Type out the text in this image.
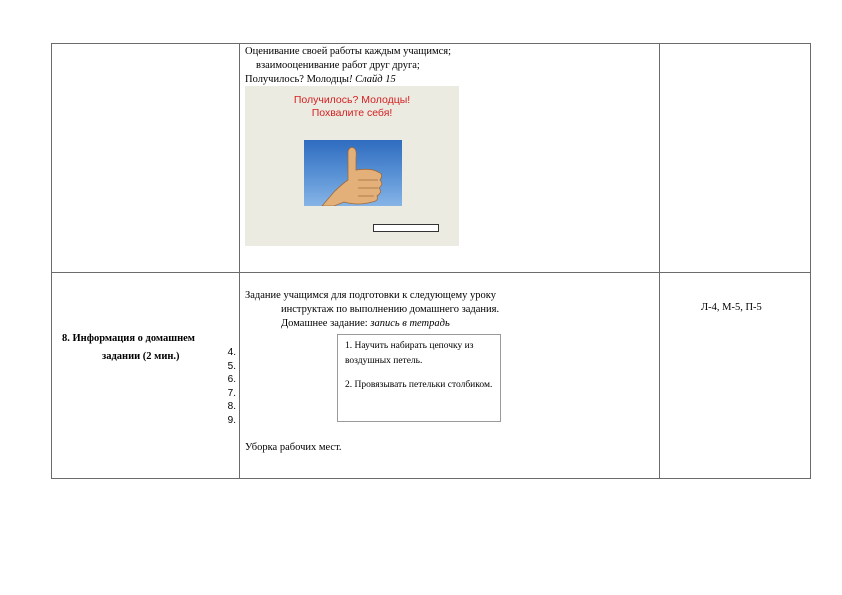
Оценивание своей работы каждым учащимся;
взаимооценивание работ друг друга;
Получилось? Молодцы! Слайд 15
Получилось? Молодцы!
Похвалите себя!
8. Информация о домашнем
задании (2 мин.)	4.
5.
6.
7.
8.
9.
Задание учащимся для подготовки к следующему уроку
инструктаж по выполнению домашнего задания.
Домашнее задание: запись в тетрадь
1. Научить набирать цепочку из воздушных петель.
2. Провязывать петельки столбиком.
Уборка рабочих мест.
Л-4, М-5, П-5
